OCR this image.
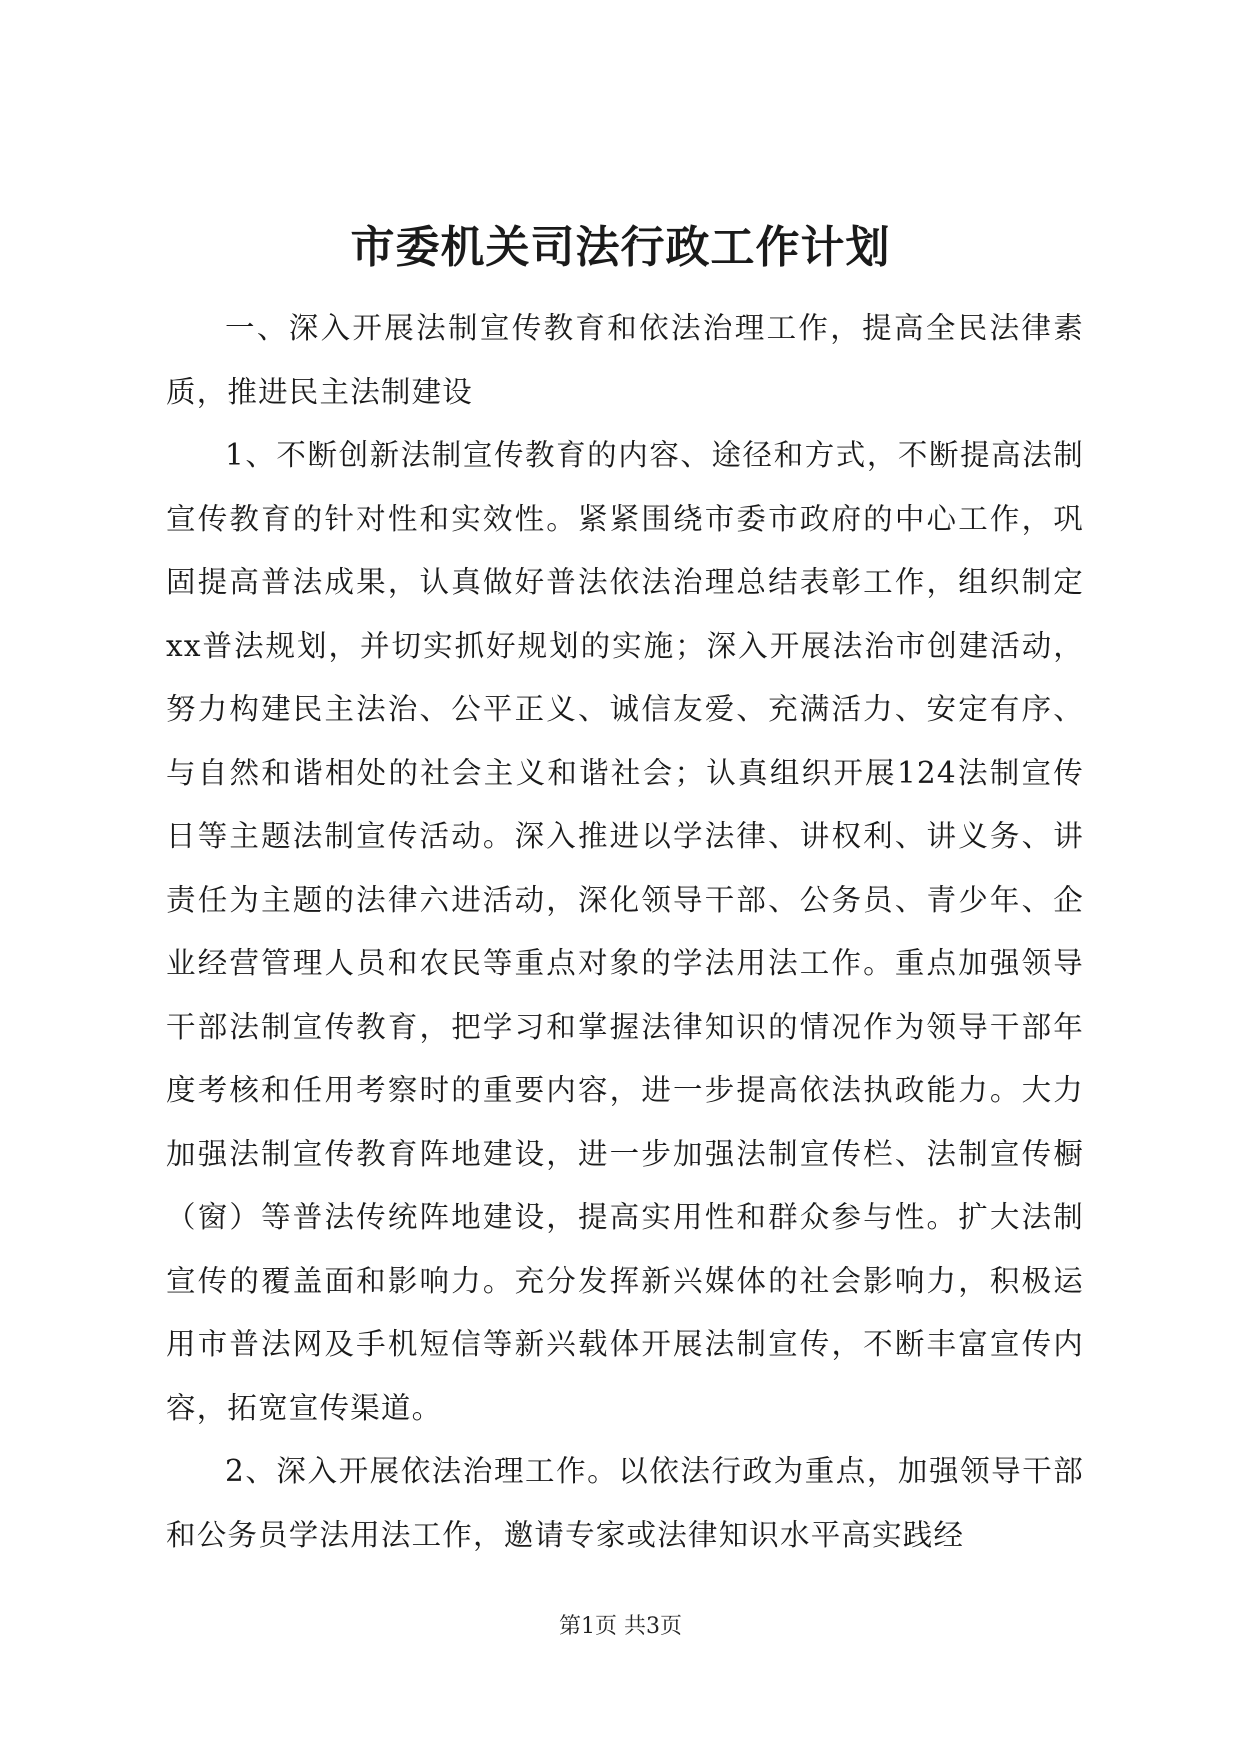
市委机关司法行政工作计划

一、深入开展法制宣传教育和依法治理工作，提高全民法律素质，推进民主法制建设

1、不断创新法制宣传教育的内容、途径和方式，不断提高法制宣传教育的针对性和实效性。紧紧围绕市委市政府的中心工作，巩固提高普法成果，认真做好普法依法治理总结表彰工作，组织制定xx普法规划，并切实抓好规划的实施；深入开展法治市创建活动，努力构建民主法治、公平正义、诚信友爱、充满活力、安定有序、与自然和谐相处的社会主义和谐社会；认真组织开展124法制宣传日等主题法制宣传活动。深入推进以学法律、讲权利、讲义务、讲责任为主题的法律六进活动，深化领导干部、公务员、青少年、企业经营管理人员和农民等重点对象的学法用法工作。重点加强领导干部法制宣传教育，把学习和掌握法律知识的情况作为领导干部年度考核和任用考察时的重要内容，进一步提高依法执政能力。大力加强法制宣传教育阵地建设，进一步加强法制宣传栏、法制宣传橱（窗）等普法传统阵地建设，提高实用性和群众参与性。扩大法制宣传的覆盖面和影响力。充分发挥新兴媒体的社会影响力，积极运用市普法网及手机短信等新兴载体开展法制宣传，不断丰富宣传内容，拓宽宣传渠道。

2、深入开展依法治理工作。以依法行政为重点，加强领导干部和公务员学法用法工作，邀请专家或法律知识水平高实践经

第1页 共3页
